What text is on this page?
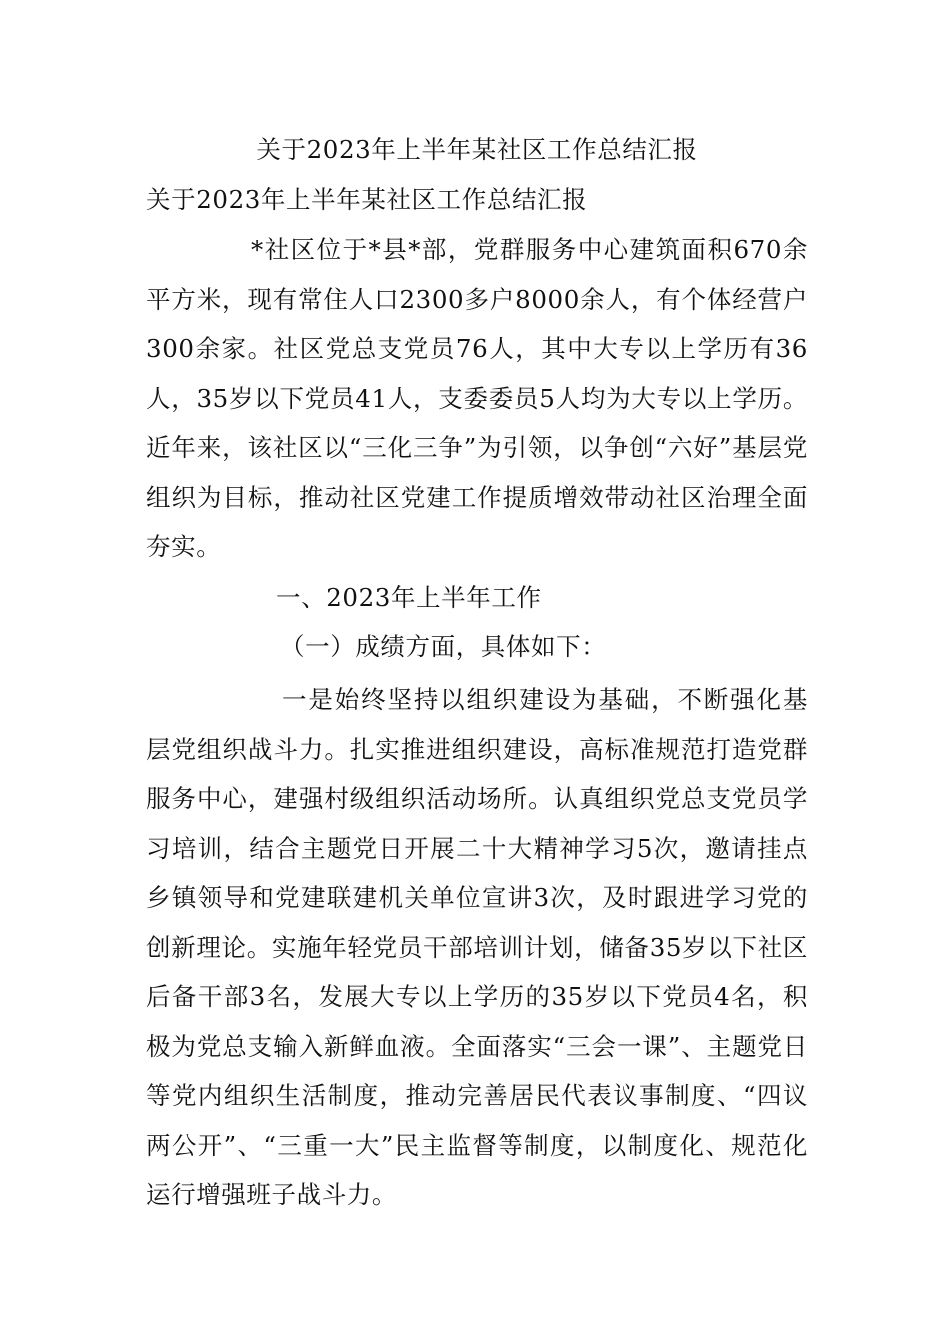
关于2023年上半年某社区工作总结汇报

关于2023年上半年某社区工作总结汇报

*社区位于*县*部，党群服务中心建筑面积670余平方米，现有常住人口2300多户8000余人，有个体经营户300余家。社区党总支党员76人，其中大专以上学历有36人，35岁以下党员41人，支委委员5人均为大专以上学历。近年来，该社区以“三化三争”为引领，以争创“六好”基层党组织为目标，推动社区党建工作提质增效带动社区治理全面夯实。

一、2023年上半年工作

（一）成绩方面，具体如下：

一是始终坚持以组织建设为基础，不断强化基层党组织战斗力。扎实推进组织建设，高标准规范打造党群服务中心，建强村级组织活动场所。认真组织党总支党员学习培训，结合主题党日开展二十大精神学习5次，邀请挂点乡镇领导和党建联建机关单位宣讲3次，及时跟进学习党的创新理论。实施年轻党员干部培训计划，储备35岁以下社区后备干部3名，发展大专以上学历的35岁以下党员4名，积极为党总支输入新鲜血液。全面落实“三会一课”、主题党日等党内组织生活制度，推动完善居民代表议事制度、“四议两公开”、“三重一大”民主监督等制度，以制度化、规范化运行增强班子战斗力。
